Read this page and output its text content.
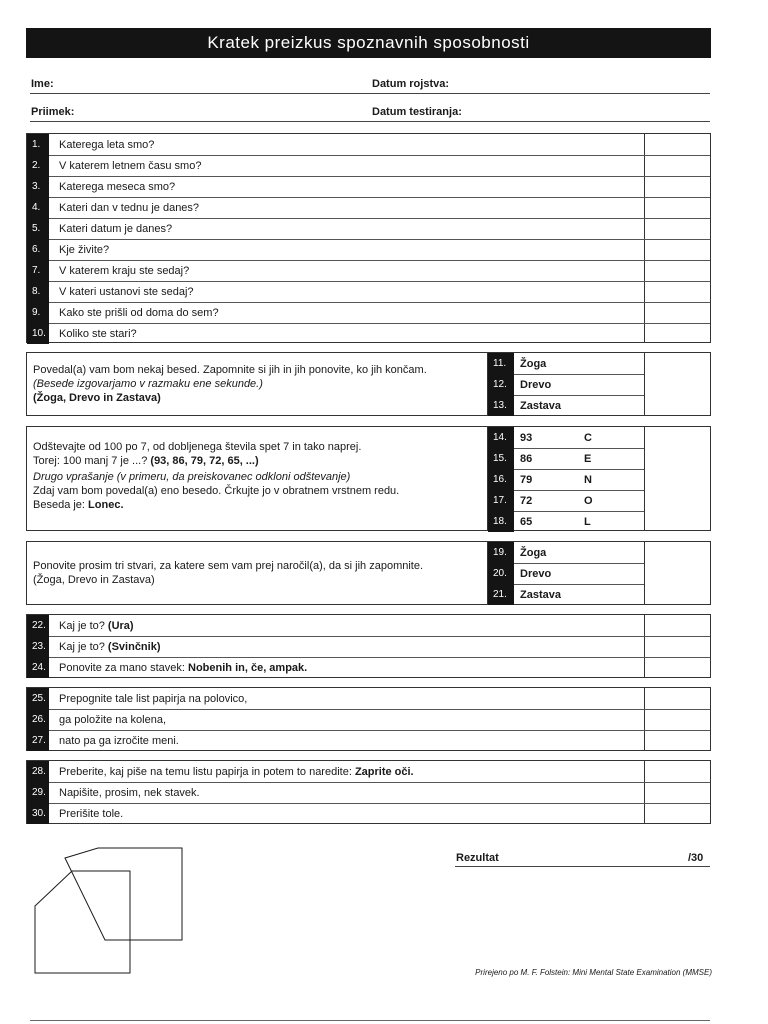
Kratek preizkus spoznavnih sposobnosti
Ime:	Datum rojstva:
Priimek:	Datum testiranja:
1.	Katerega leta smo?
2.	V katerem letnem času smo?
3.	Katerega meseca smo?
4.	Kateri dan v tednu je danes?
5.	Kateri datum je danes?
6.	Kje živite?
7.	V katerem kraju ste sedaj?
8.	V kateri ustanovi ste sedaj?
9.	Kako ste prišli od doma do sem?
10.	Koliko ste stari?
Povedal(a) vam bom nekaj besed. Zapomnite si jih in jih ponovite, ko jih končam.
(Besede izgovarjamo v razmaku ene sekunde.)
(Žoga, Drevo in Zastava)
11.	Žoga
12.	Drevo
13.	Zastava
Odštevajte od 100 po 7, od dobljenega števila spet 7 in tako naprej.
Torej: 100 manj 7 je ...? (93, 86, 79, 72, 65, ...)
Drugo vprašanje (v primeru, da preiskovanec odkloni odštevanje)
Zdaj vam bom povedal(a) eno besedo. Črkujte jo v obratnem vrstnem redu.
Beseda je: Lonec.
14.	93	C
15.	86	E
16.	79	N
17.	72	O
18.	65	L
Ponovite prosim tri stvari, za katere sem vam prej naročil(a), da si jih zapomnite.
(Žoga, Drevo in Zastava)
19.	Žoga
20.	Drevo
21.	Zastava
22.	Kaj je to? (Ura)
23.	Kaj je to? (Svinčnik)
24.	Ponovite za mano stavek: Nobenih in, če, ampak.
25.	Prepognite tale list papirja na polovico,
26.	ga položite na kolena,
27.	nato pa ga izročite meni.
28.	Preberite, kaj piše na temu listu papirja in potem to naredite: Zaprite oči.
29.	Napišite, prosim, nek stavek.
30.	Prerišite tole.
Rezultat	/30
Prirejeno po M. F. Folstein: Mini Mental State Examination (MMSE)
